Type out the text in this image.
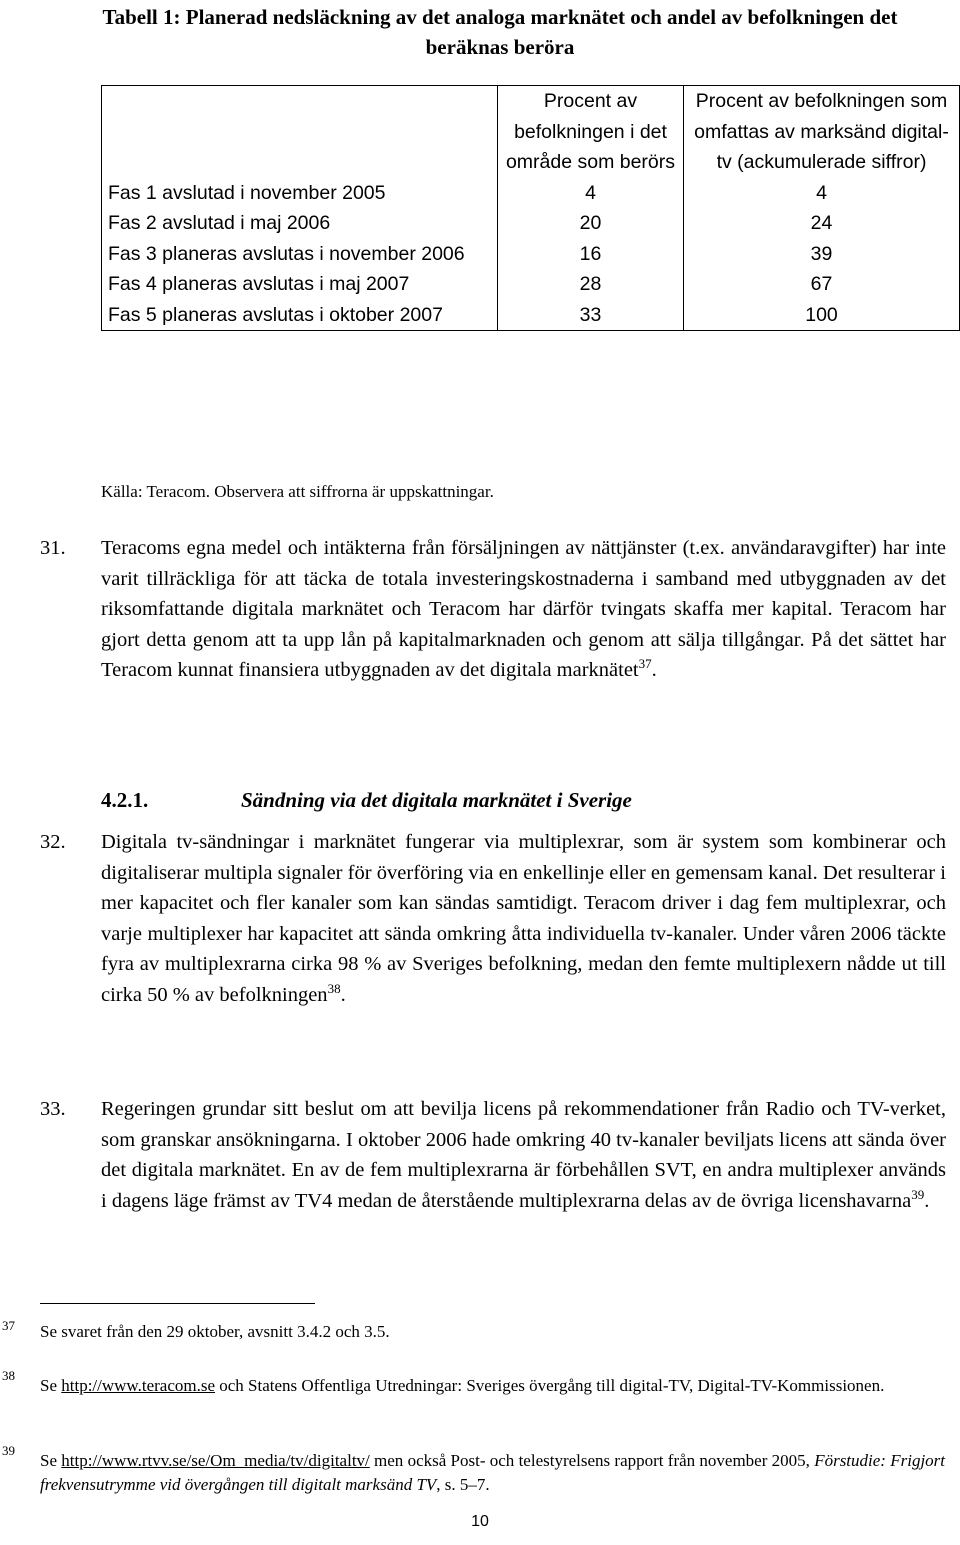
Tabell 1: Planerad nedsläckning av det analoga marknätet och andel av befolkningen det beräknas beröra
	Procent av befolkningen i det område som berörs	Procent av befolkningen som omfattas av marksänd digital-tv (ackumulerade siffror)
Fas 1 avslutad i november 2005	4	4
Fas 2 avslutad i maj 2006	20	24
Fas 3 planeras avslutas i november 2006	16	39
Fas 4 planeras avslutas i maj 2007	28	67
Fas 5 planeras avslutas i oktober 2007	33	100
Källa: Teracom. Observera att siffrorna är uppskattningar.
31. Teracoms egna medel och intäkterna från försäljningen av nättjänster (t.ex. användaravgifter) har inte varit tillräckliga för att täcka de totala investeringskostnaderna i samband med utbyggnaden av det riksomfattande digitala marknätet och Teracom har därför tvingats skaffa mer kapital. Teracom har gjort detta genom att ta upp lån på kapitalmarknaden och genom att sälja tillgångar. På det sättet har Teracom kunnat finansiera utbyggnaden av det digitala marknätet$^{37}$.
4.2.1.	Sändning via det digitala marknätet i Sverige
32. Digitala tv-sändningar i marknätet fungerar via multiplexrar, som är system som kombinerar och digitaliserar multipla signaler för överföring via en enkellinje eller en gemensam kanal. Det resulterar i mer kapacitet och fler kanaler som kan sändas samtidigt. Teracom driver i dag fem multiplexrar, och varje multiplexer har kapacitet att sända omkring åtta individuella tv-kanaler. Under våren 2006 täckte fyra av multiplexrarna cirka 98 % av Sveriges befolkning, medan den femte multiplexern nådde ut till cirka 50 % av befolkningen$^{38}$.
33. Regeringen grundar sitt beslut om att bevilja licens på rekommendationer från Radio och TV-verket, som granskar ansökningarna. I oktober 2006 hade omkring 40 tv-kanaler beviljats licens att sända över det digitala marknätet. En av de fem multiplexrarna är förbehållen SVT, en andra multiplexer används i dagens läge främst av TV4 medan de återstående multiplexrarna delas av de övriga licenshavarna$^{39}$.
37 Se svaret från den 29 oktober, avsnitt 3.4.2 och 3.5.
38
Se http://www.teracom.se och Statens Offentliga Utredningar: Sveriges övergång till digital-TV, Digital-TV-Kommissionen.
39
Se http://www.rtvv.se/se/Om_media/tv/digitaltv/ men också Post- och telestyrelsens rapport från november 2005, Förstudie: Frigjort frekvensutrymme vid övergången till digitalt marksänd TV, s. 5–7.
10
